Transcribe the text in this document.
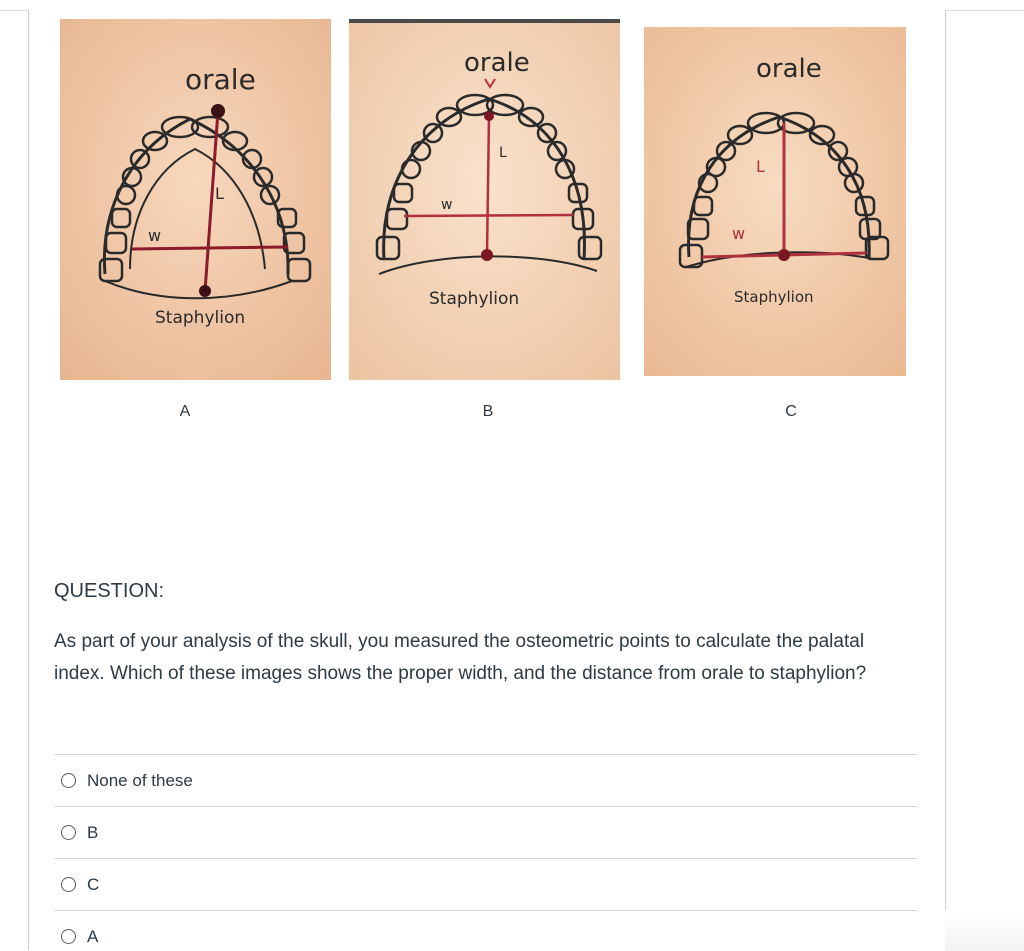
orale
w
L
Staphylion
orale
w
L
Staphylion
orale
w
L
Staphylion
A	B	C
QUESTION:
As part of your analysis of the skull, you measured the osteometric points to calculate the palatal index. Which of these images shows the proper width, and the distance from orale to staphylion?
None of these
B
C
A
